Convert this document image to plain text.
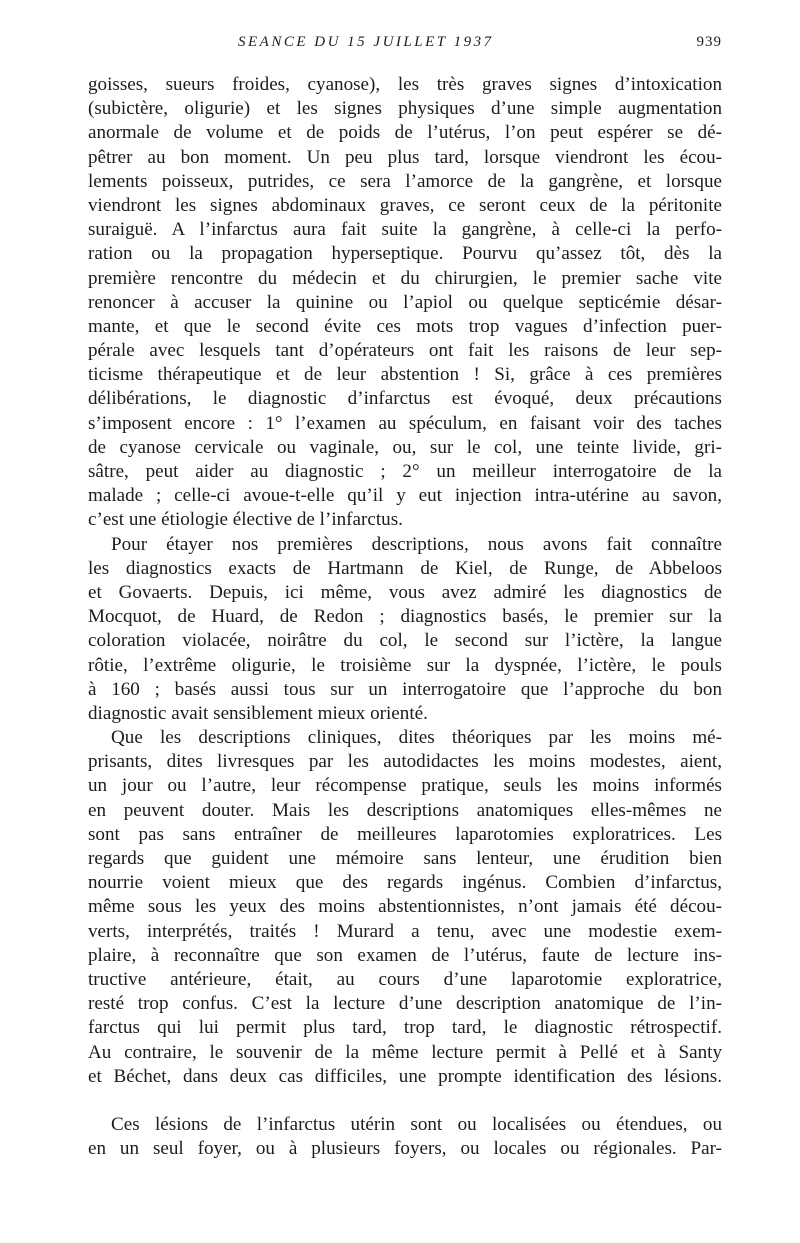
SEANCE DU 15 JUILLET 1937	939

goisses, sueurs froides, cyanose), les très graves signes d’intoxication
(subictère, oligurie) et les signes physiques d’une simple augmentation
anormale de volume et de poids de l’utérus, l’on peut espérer se dé-
pêtrer au bon moment. Un peu plus tard, lorsque viendront les écou-
lements poisseux, putrides, ce sera l’amorce de la gangrène, et lorsque
viendront les signes abdominaux graves, ce seront ceux de la péritonite
suraiguë. A l’infarctus aura fait suite la gangrène, à celle-ci la perfo-
ration ou la propagation hyperseptique. Pourvu qu’assez tôt, dès la
première rencontre du médecin et du chirurgien, le premier sache vite
renoncer à accuser la quinine ou l’apiol ou quelque septicémie désar-
mante, et que le second évite ces mots trop vagues d’infection puer-
pérale avec lesquels tant d’opérateurs ont fait les raisons de leur sep-
ticisme thérapeutique et de leur abstention ! Si, grâce à ces premières
délibérations, le diagnostic d’infarctus est évoqué, deux précautions
s’imposent encore : 1° l’examen au spéculum, en faisant voir des taches
de cyanose cervicale ou vaginale, ou, sur le col, une teinte livide, gri-
sâtre, peut aider au diagnostic ; 2° un meilleur interrogatoire de la
malade ; celle-ci avoue-t-elle qu’il y eut injection intra-utérine au savon,
c’est une étiologie élective de l’infarctus.

Pour étayer nos premières descriptions, nous avons fait connaître
les diagnostics exacts de Hartmann de Kiel, de Runge, de Abbeloos
et Govaerts. Depuis, ici même, vous avez admiré les diagnostics de
Mocquot, de Huard, de Redon ; diagnostics basés, le premier sur la
coloration violacée, noirâtre du col, le second sur l’ictère, la langue
rôtie, l’extrême oligurie, le troisième sur la dyspnée, l’ictère, le pouls
à 160 ; basés aussi tous sur un interrogatoire que l’approche du bon
diagnostic avait sensiblement mieux orienté.

Que les descriptions cliniques, dites théoriques par les moins mé-
prisants, dites livresques par les autodidactes les moins modestes, aient,
un jour ou l’autre, leur récompense pratique, seuls les moins informés
en peuvent douter. Mais les descriptions anatomiques elles-mêmes ne
sont pas sans entraîner de meilleures laparotomies exploratrices. Les
regards que guident une mémoire sans lenteur, une érudition bien
nourrie voient mieux que des regards ingénus. Combien d’infarctus,
même sous les yeux des moins abstentionnistes, n’ont jamais été décou-
verts, interprétés, traités ! Murard a tenu, avec une modestie exem-
plaire, à reconnaître que son examen de l’utérus, faute de lecture ins-
tructive antérieure, était, au cours d’une laparotomie exploratrice,
resté trop confus. C’est la lecture d’une description anatomique de l’in-
farctus qui lui permit plus tard, trop tard, le diagnostic rétrospectif.
Au contraire, le souvenir de la même lecture permit à Pellé et à Santy
et Béchet, dans deux cas difficiles, une prompte identification des lésions.

Ces lésions de l’infarctus utérin sont ou localisées ou étendues, ou
en un seul foyer, ou à plusieurs foyers, ou locales ou régionales. Par-
